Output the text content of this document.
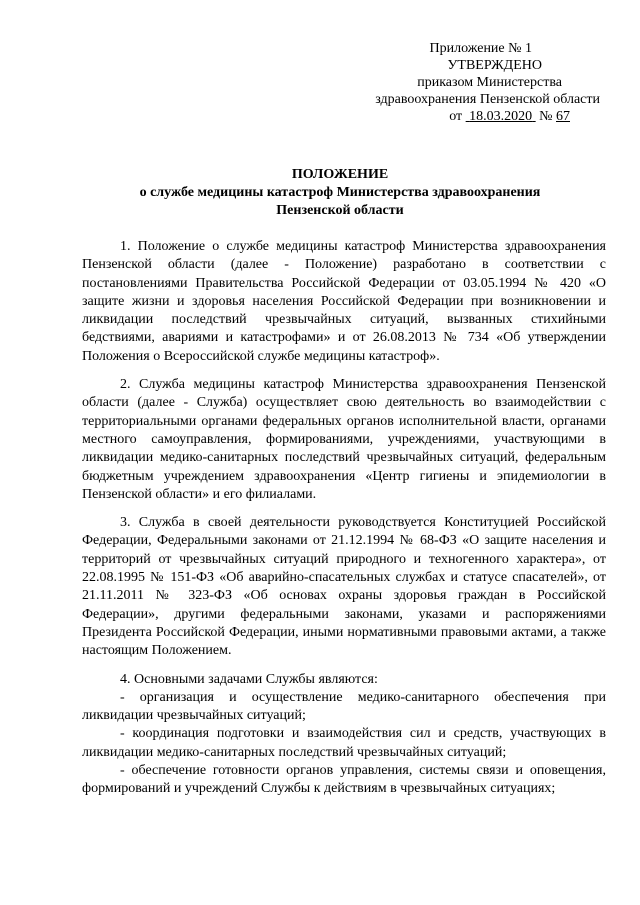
Приложение № 1
УТВЕРЖДЕНО
приказом Министерства
здравоохранения Пензенской области
от 18.03.2020 № 67
ПОЛОЖЕНИЕ
о службе медицины катастроф Министерства здравоохранения
Пензенской области

1. Положение о службе медицины катастроф Министерства здравоохранения Пензенской области (далее - Положение) разработано в соответствии с постановлениями Правительства Российской Федерации от 03.05.1994 № 420 «О защите жизни и здоровья населения Российской Федерации при возникновении и ликвидации последствий чрезвычайных ситуаций, вызванных стихийными бедствиями, авариями и катастрофами» и от 26.08.2013 № 734 «Об утверждении Положения о Всероссийской службе медицины катастроф».

2. Служба медицины катастроф Министерства здравоохранения Пензенской области (далее - Служба) осуществляет свою деятельность во взаимодействии с территориальными органами федеральных органов исполнительной власти, органами местного самоуправления, формированиями, учреждениями, участвующими в ликвидации медико-санитарных последствий чрезвычайных ситуаций, федеральным бюджетным учреждением здравоохранения «Центр гигиены и эпидемиологии в Пензенской области» и его филиалами.

3. Служба в своей деятельности руководствуется Конституцией Российской Федерации, Федеральными законами от 21.12.1994 № 68-ФЗ «О защите населения и территорий от чрезвычайных ситуаций природного и техногенного характера», от 22.08.1995 № 151-ФЗ «Об аварийно-спасательных службах и статусе спасателей», от 21.11.2011 № 323-ФЗ «Об основах охраны здоровья граждан в Российской Федерации», другими федеральными законами, указами и распоряжениями Президента Российской Федерации, иными нормативными правовыми актами, а также настоящим Положением.

4. Основными задачами Службы являются:

- организация и осуществление медико-санитарного обеспечения при ликвидации чрезвычайных ситуаций;

- координация подготовки и взаимодействия сил и средств, участвующих в ликвидации медико-санитарных последствий чрезвычайных ситуаций;

- обеспечение готовности органов управления, системы связи и оповещения, формирований и учреждений Службы к действиям в чрезвычайных ситуациях;
